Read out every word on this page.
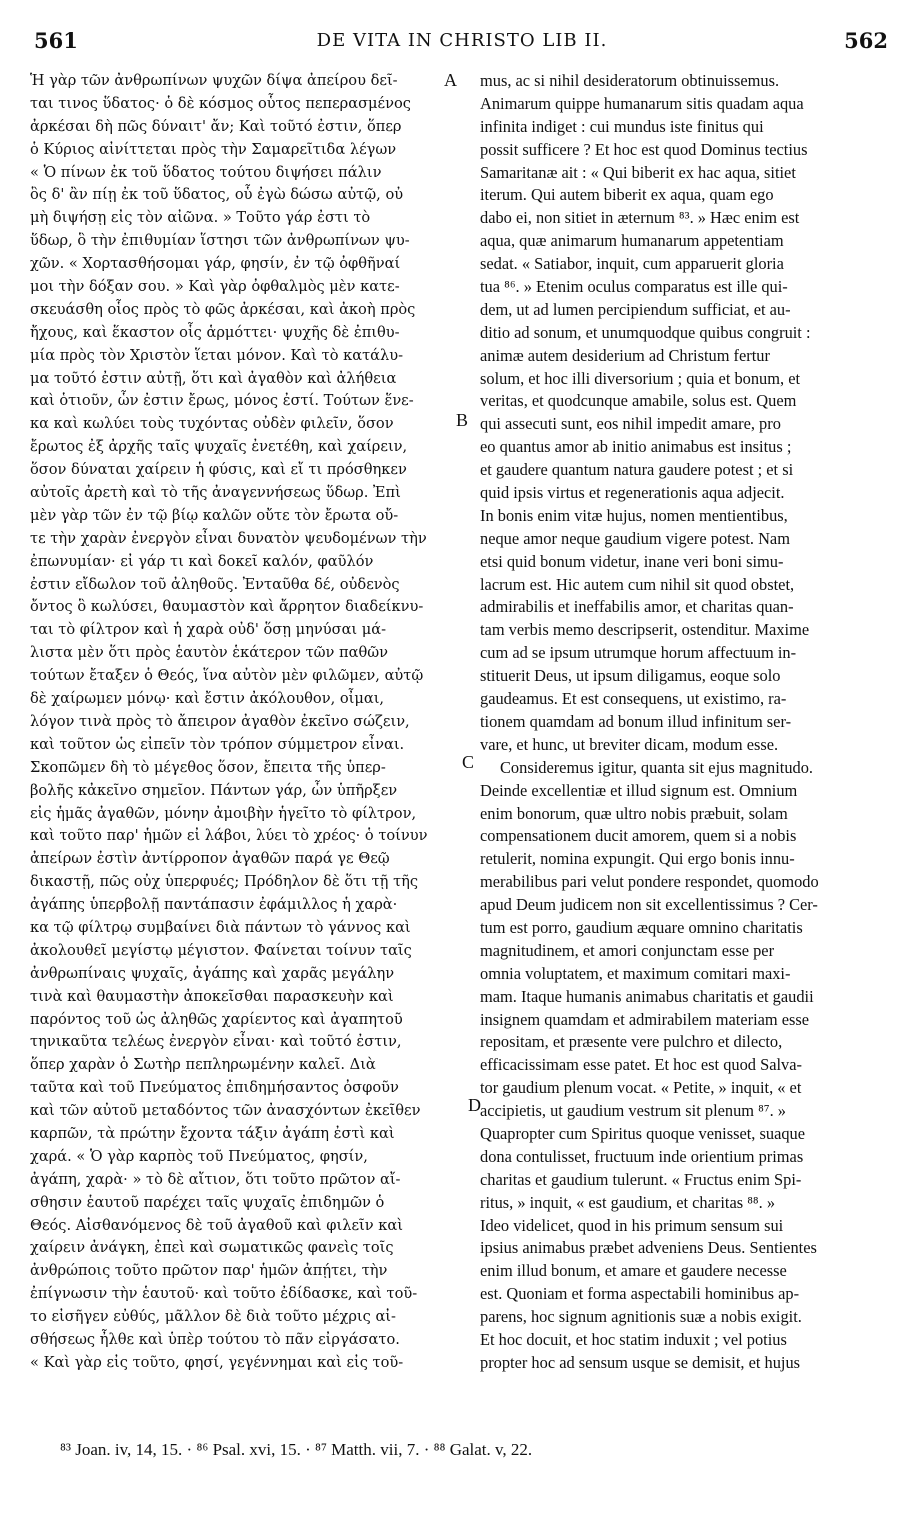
561	DE VITA IN CHRISTO LIB II.	562
Ἡ γὰρ τῶν ἀνθρωπίνων ψυχῶν δίψα ἀπείρου δεῖ-
ται τινος ὕδατος· ὁ δὲ κόσμος οὗτος πεπερασμένος
ἀρκέσαι δὴ πῶς δύναιτ' ἄν; Καὶ τοῦτό ἐστιν, ὅπερ
ὁ Κύριος αἰνίττεται πρὸς τὴν Σαμαρεῖτιδα λέγων
« Ὁ πίνων ἐκ τοῦ ὕδατος τούτου διψήσει πάλιν
ὃς δ' ἂν πίῃ ἐκ τοῦ ὕδατος, οὗ ἐγὼ δώσω αὐτῷ, οὐ
μὴ διψήσῃ εἰς τὸν αἰῶνα. » Τοῦτο γάρ ἐστι τὸ
ὕδωρ, ὃ τὴν ἐπιθυμίαν ἵστησι τῶν ἀνθρωπίνων ψυ-
χῶν. « Χορτασθήσομαι γάρ, φησίν, ἐν τῷ ὀφθῆναί
μοι τὴν δόξαν σου. » Καὶ γὰρ ὀφθαλμὸς μὲν κατε-
σκευάσθη οἷος πρὸς τὸ φῶς ἀρκέσαι, καὶ ἀκοὴ πρὸς
ἤχους, καὶ ἕκαστον οἷς ἁρμόττει· ψυχῆς δὲ ἐπιθυ-
μία πρὸς τὸν Χριστὸν ἵεται μόνον. Καὶ τὸ κατάλυ-
μα τοῦτό ἐστιν αὐτῇ, ὅτι καὶ ἀγαθὸν καὶ ἀλήθεια
καὶ ὁτιοῦν, ὧν ἐστιν ἔρως, μόνος ἐστί. Τούτων ἕνε-
κα καὶ κωλύει τοὺς τυχόντας οὐδὲν φιλεῖν, ὅσον
ἔρωτος ἐξ ἀρχῆς ταῖς ψυχαῖς ἐνετέθη, καὶ χαίρειν,
ὅσον δύναται χαίρειν ἡ φύσις, καὶ εἴ τι πρόσθηκεν
αὐτοῖς ἀρετὴ καὶ τὸ τῆς ἀναγεννήσεως ὕδωρ. Ἐπὶ
μὲν γὰρ τῶν ἐν τῷ βίῳ καλῶν οὔτε τὸν ἔρωτα οὔ-
τε τὴν χαρὰν ἐνεργὸν εἶναι δυνατὸν ψευδομένων τὴν
ἐπωνυμίαν· εἰ γάρ τι καὶ δοκεῖ καλόν, φαῦλόν
ἐστιν εἴδωλον τοῦ ἀληθοῦς. Ἐνταῦθα δέ, οὐδενὸς
ὄντος ὃ κωλύσει, θαυμαστὸν καὶ ἄρρητον διαδείκνυ-
ται τὸ φίλτρον καὶ ἡ χαρὰ οὐδ' ὅσῃ μηνύσαι μά-
λιστα μὲν ὅτι πρὸς ἑαυτὸν ἑκάτερον τῶν παθῶν
τούτων ἔταξεν ὁ Θεός, ἵνα αὐτὸν μὲν φιλῶμεν, αὐτῷ
δὲ χαίρωμεν μόνῳ· καὶ ἔστιν ἀκόλουθον, οἶμαι,
λόγον τινὰ πρὸς τὸ ἄπειρον ἀγαθὸν ἐκεῖνο σώζειν,
καὶ τοῦτον ὡς εἰπεῖν τὸν τρόπον σύμμετρον εἶναι.
Σκοπῶμεν δὴ τὸ μέγεθος ὅσον, ἔπειτα τῆς ὑπερ-
βολῆς κἀκεῖνο σημεῖον. Πάντων γάρ, ὧν ὑπῆρξεν
εἰς ἡμᾶς ἀγαθῶν, μόνην ἀμοιβὴν ἡγεῖτο τὸ φίλτρον,
καὶ τοῦτο παρ' ἡμῶν εἰ λάβοι, λύει τὸ χρέος· ὁ τοίνυν
ἀπείρων ἐστὶν ἀντίρροπον ἀγαθῶν παρά γε Θεῷ
δικαστῇ, πῶς οὐχ ὑπερφυές; Πρόδηλον δὲ ὅτι τῇ τῆς
ἀγάπης ὑπερβολῇ παντάπασιν ἐφάμιλλος ἡ χαρὰ·
κα τῷ φίλτρῳ συμβαίνει διὰ πάντων τὸ γάννος καὶ
ἀκολουθεῖ μεγίστῳ μέγιστον. Φαίνεται τοίνυν ταῖς
ἀνθρωπίναις ψυχαῖς, ἀγάπης καὶ χαρᾶς μεγάλην
τινὰ καὶ θαυμαστὴν ἀποκεῖσθαι παρασκευὴν καὶ
παρόντος τοῦ ὡς ἀληθῶς χαρίεντος καὶ ἀγαπητοῦ
τηνικαῦτα τελέως ἐνεργὸν εἶναι· καὶ τοῦτό ἐστιν,
ὅπερ χαρὰν ὁ Σωτὴρ πεπληρωμένην καλεῖ. Διὰ
ταῦτα καὶ τοῦ Πνεύματος ἐπιδημήσαντος ὀσφοῦν
καὶ τῶν αὐτοῦ μεταδόντος τῶν ἀνασχόντων ἐκεῖθεν
καρπῶν, τὰ πρώτην ἔχοντα τάξιν ἀγάπη ἐστὶ καὶ
χαρά. « Ὁ γὰρ καρπὸς τοῦ Πνεύματος, φησίν,
ἀγάπη, χαρὰ· » τὸ δὲ αἴτιον, ὅτι τοῦτο πρῶτον αἴ-
σθησιν ἑαυτοῦ παρέχει ταῖς ψυχαῖς ἐπιδημῶν ὁ
Θεός. Αἰσθανόμενος δὲ τοῦ ἀγαθοῦ καὶ φιλεῖν καὶ
χαίρειν ἀνάγκη, ἐπεὶ καὶ σωματικῶς φανεὶς τοῖς
ἀνθρώποις τοῦτο πρῶτον παρ' ἡμῶν ἀπῄτει, τὴν
ἐπίγνωσιν τὴν ἑαυτοῦ· καὶ τοῦτο ἐδίδασκε, καὶ τοῦ-
το εἰσῆγεν εὐθύς, μᾶλλον δὲ διὰ τοῦτο μέχρις αἰ-
σθήσεως ἦλθε καὶ ὑπὲρ τούτου τὸ πᾶν εἰργάσατο.
« Καὶ γὰρ εἰς τοῦτο, φησί, γεγέννημαι καὶ εἰς τοῦ-
mus, ac si nihil desideratorum obtinuissemus.
Animarum quippe humanarum sitis quadam aqua
infinita indiget : cui mundus iste finitus qui
possit sufficere ? Et hoc est quod Dominus tectius
Samaritanæ ait : « Qui biberit ex hac aqua, sitiet
iterum. Qui autem biberit ex aqua, quam ego
dabo ei, non sitiet in æternum ⁸³. » Hæc enim est
aqua, quæ animarum humanarum appetentiam
sedat. « Satiabor, inquit, cum apparuerit gloria
tua ⁸⁶. » Etenim oculus comparatus est ille qui-
dem, ut ad lumen percipiendum sufficiat, et au-
ditio ad sonum, et unumquodque quibus congruit :
animæ autem desiderium ad Christum fertur
solum, et hoc illi diversorium ; quia et bonum, et
veritas, et quodcunque amabile, solus est. Quem
qui assecuti sunt, eos nihil impedit amare, pro
eo quantus amor ab initio animabus est insitus ;
et gaudere quantum natura gaudere potest ; et si
quid ipsis virtus et regenerationis aqua adjecit.
In bonis enim vitæ hujus, nomen mentientibus,
neque amor neque gaudium vigere potest. Nam
etsi quid bonum videtur, inane veri boni simu-
lacrum est. Hic autem cum nihil sit quod obstet,
admirabilis et ineffabilis amor, et charitas quan-
tam verbis memo descripserit, ostenditur. Maxime
cum ad se ipsum utrumque horum affectuum in-
stituerit Deus, ut ipsum diligamus, eoque solo
gaudeamus. Et est consequens, ut existimo, ra-
tionem quamdam ad bonum illud infinitum ser-
vare, et hunc, ut breviter dicam, modum esse.
Consideremus igitur, quanta sit ejus magnitudo.
Deinde excellentiæ et illud signum est. Omnium
enim bonorum, quæ ultro nobis præbuit, solam
compensationem ducit amorem, quem si a nobis
retulerit, nomina expungit. Qui ergo bonis innu-
merabilibus pari velut pondere respondet, quomodo
apud Deum judicem non sit excellentissimus ? Cer-
tum est porro, gaudium æquare omnino charitatis
magnitudinem, et amori conjunctam esse per
omnia voluptatem, et maximum comitari maxi-
mam. Itaque humanis animabus charitatis et gaudii
insignem quamdam et admirabilem materiam esse
repositam, et præsente vere pulchro et dilecto,
efficacissimam esse patet. Et hoc est quod Salva-
tor gaudium plenum vocat. « Petite, » inquit, « et
accipietis, ut gaudium vestrum sit plenum ⁸⁷. »
Quapropter cum Spiritus quoque venisset, suaque
dona contulisset, fructuum inde orientium primas
charitas et gaudium tulerunt. « Fructus enim Spi-
ritus, » inquit, « est gaudium, et charitas ⁸⁸. »
Ideo videlicet, quod in his primum sensum sui
ipsius animabus præbet adveniens Deus. Sentientes
enim illud bonum, et amare et gaudere necesse
est. Quoniam et forma aspectabili hominibus ap-
parens, hoc signum agnitionis suæ a nobis exigit.
Et hoc docuit, et hoc statim induxit ; vel potius
propter hoc ad sensum usque se demisit, et hujus
A
B
C
D
⁸³ Joan. iv, 14, 15. · ⁸⁶ Psal. xvi, 15. · ⁸⁷ Matth. vii, 7. · ⁸⁸ Galat. v, 22.
